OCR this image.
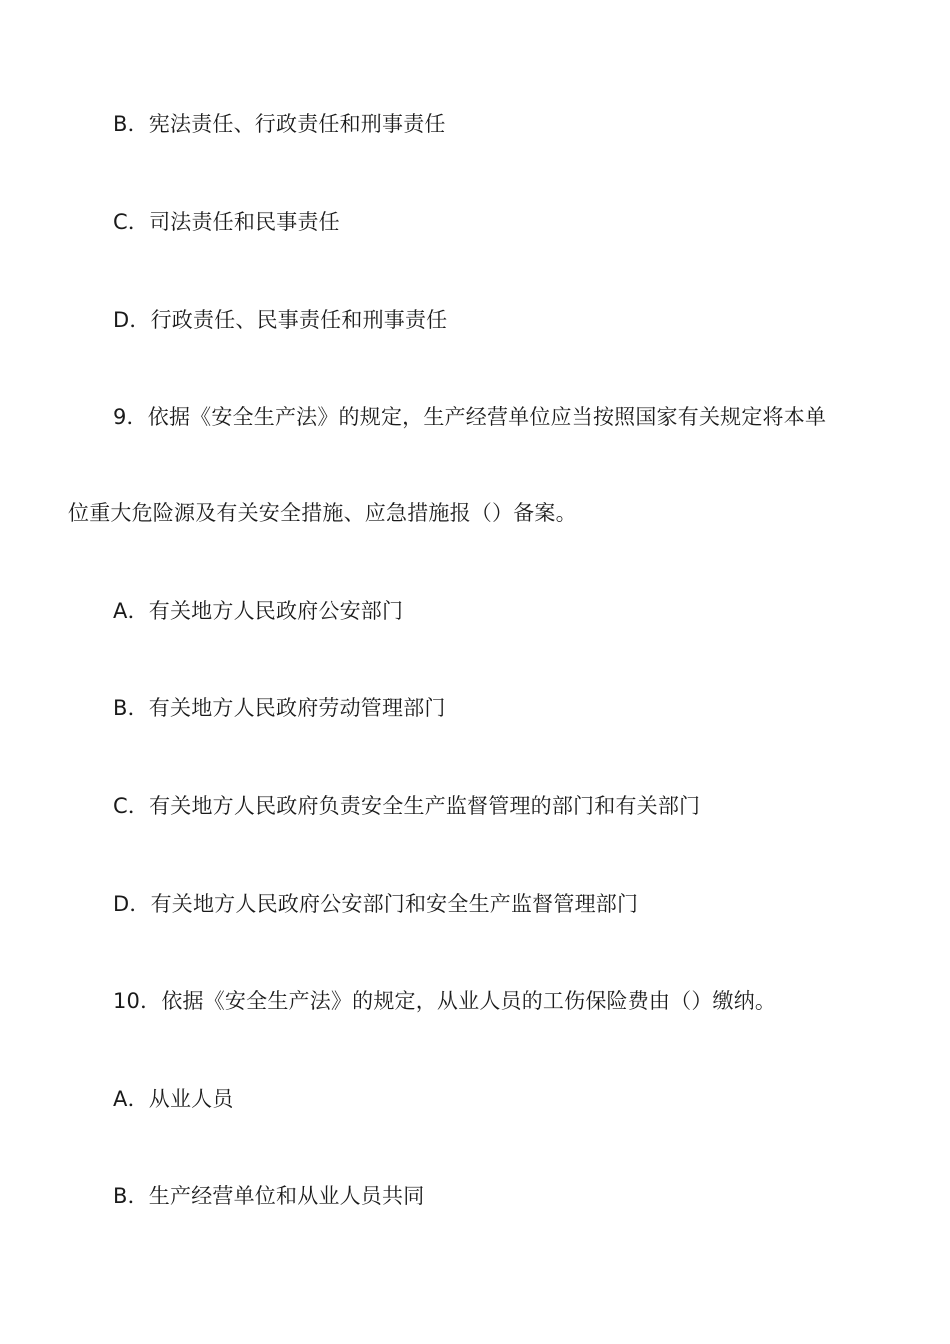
B．宪法责任、行政责任和刑事责任
C．司法责任和民事责任
D．行政责任、民事责任和刑事责任
9．依据《安全生产法》的规定，生产经营单位应当按照国家有关规定将本单
位重大危险源及有关安全措施、应急措施报（）备案。
A．有关地方人民政府公安部门
B．有关地方人民政府劳动管理部门
C．有关地方人民政府负责安全生产监督管理的部门和有关部门
D．有关地方人民政府公安部门和安全生产监督管理部门
10．依据《安全生产法》的规定，从业人员的工伤保险费由（）缴纳。
A．从业人员
B．生产经营单位和从业人员共同
